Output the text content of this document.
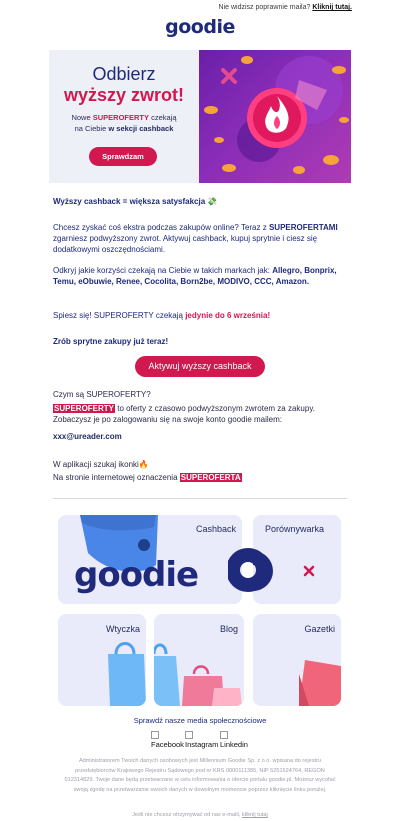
Nie widzisz poprawnie maila? Kliknij tutaj.
goodie
Odbierz
wyższy zwrot!
Nowe SUPEROFERTY czekają
na Ciebie w sekcji cashback
Sprawdzam
Wyższy cashback = większa satysfakcja 💸
Chcesz zyskać coś ekstra podczas zakupów online? Teraz z SUPEROFERTAMI zgarniesz podwyższony zwrot. Aktywuj cashback, kupuj sprytnie i ciesz się dodatkowymi oszczędnościami.
Odkryj jakie korzyści czekają na Ciebie w takich markach jak: Allegro, Bonprix, Temu, eObuwie, Renee, Cocolita, Born2be, MODIVO, CCC, Amazon.
Spiesz się! SUPEROFERTY czekają jedynie do 6 września!
Zrób sprytne zakupy już teraz!
Aktywuj wyższy cashback
Czym są SUPEROFERTY?
SUPEROFERTY to oferty z czasowo podwyższonym zwrotem za zakupy. Zobaczysz je po zalogowaniu się na swoje konto goodie mailem:
xxx@ureader.com
W aplikacji szukaj ikonki🔥
Na stronie internetowej oznaczenia SUPEROFERTA
Cashback
goodie
Porównywarka
Wtyczka	Blog	Gazetki
Sprawdź nasze media społecznościowe
Facebook Instagram Linkedin
Administratorem Twoich danych osobowych jest Millennium Goodie Sp. z o.o. wpisana do rejestru przedsiębiorców Krajowego Rejestru Sądowego pod nr KRS 0000111385, NIP 5251524764, REGON 012314829. Twoje dane będą przetwarzane w celu informowania o ofercie portalu goodie.pl. Możesz wycofać swoją zgodę na przetwarzanie swoich danych w dowolnym momencie poprzez kliknięcie linku poniżej.
Jeśli nie chcesz otrzymywać od nas e-maili, kliknij tutaj
